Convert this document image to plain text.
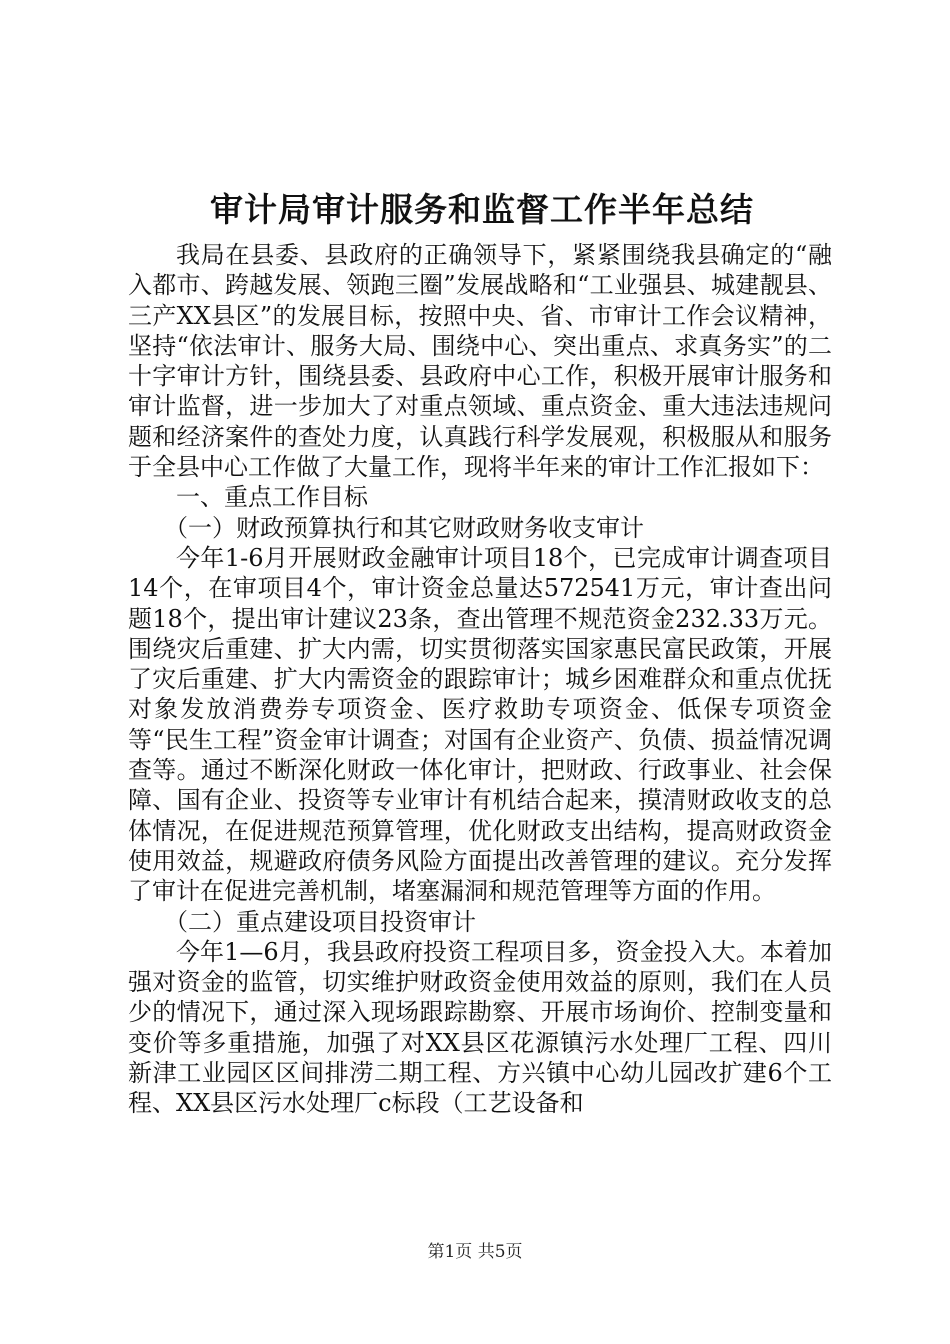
审计局审计服务和监督工作半年总结

我局在县委、县政府的正确领导下，紧紧围绕我县确定的“融入都市、跨越发展、领跑三圈”发展战略和“工业强县、城建靓县、三产XX县区”的发展目标，按照中央、省、市审计工作会议精神，坚持“依法审计、服务大局、围绕中心、突出重点、求真务实”的二十字审计方针，围绕县委、县政府中心工作，积极开展审计服务和审计监督，进一步加大了对重点领域、重点资金、重大违法违规问题和经济案件的查处力度，认真践行科学发展观，积极服从和服务于全县中心工作做了大量工作，现将半年来的审计工作汇报如下：

一、重点工作目标

（一）财政预算执行和其它财政财务收支审计

今年1-6月开展财政金融审计项目18个，已完成审计调查项目14个，在审项目4个，审计资金总量达572541万元，审计查出问题18个，提出审计建议23条，查出管理不规范资金232.33万元。围绕灾后重建、扩大内需，切实贯彻落实国家惠民富民政策，开展了灾后重建、扩大内需资金的跟踪审计；城乡困难群众和重点优抚对象发放消费券专项资金、医疗救助专项资金、低保专项资金等“民生工程”资金审计调查；对国有企业资产、负债、损益情况调查等。通过不断深化财政一体化审计，把财政、行政事业、社会保障、国有企业、投资等专业审计有机结合起来，摸清财政收支的总体情况，在促进规范预算管理，优化财政支出结构，提高财政资金使用效益，规避政府债务风险方面提出改善管理的建议。充分发挥了审计在促进完善机制，堵塞漏洞和规范管理等方面的作用。

（二）重点建设项目投资审计

今年1—6月，我县政府投资工程项目多，资金投入大。本着加强对资金的监管，切实维护财政资金使用效益的原则，我们在人员少的情况下，通过深入现场跟踪勘察、开展市场询价、控制变量和变价等多重措施，加强了对XX县区花源镇污水处理厂工程、四川新津工业园区区间排涝二期工程、方兴镇中心幼儿园改扩建6个工程、XX县区污水处理厂c标段（工艺设备和

第1页 共5页
